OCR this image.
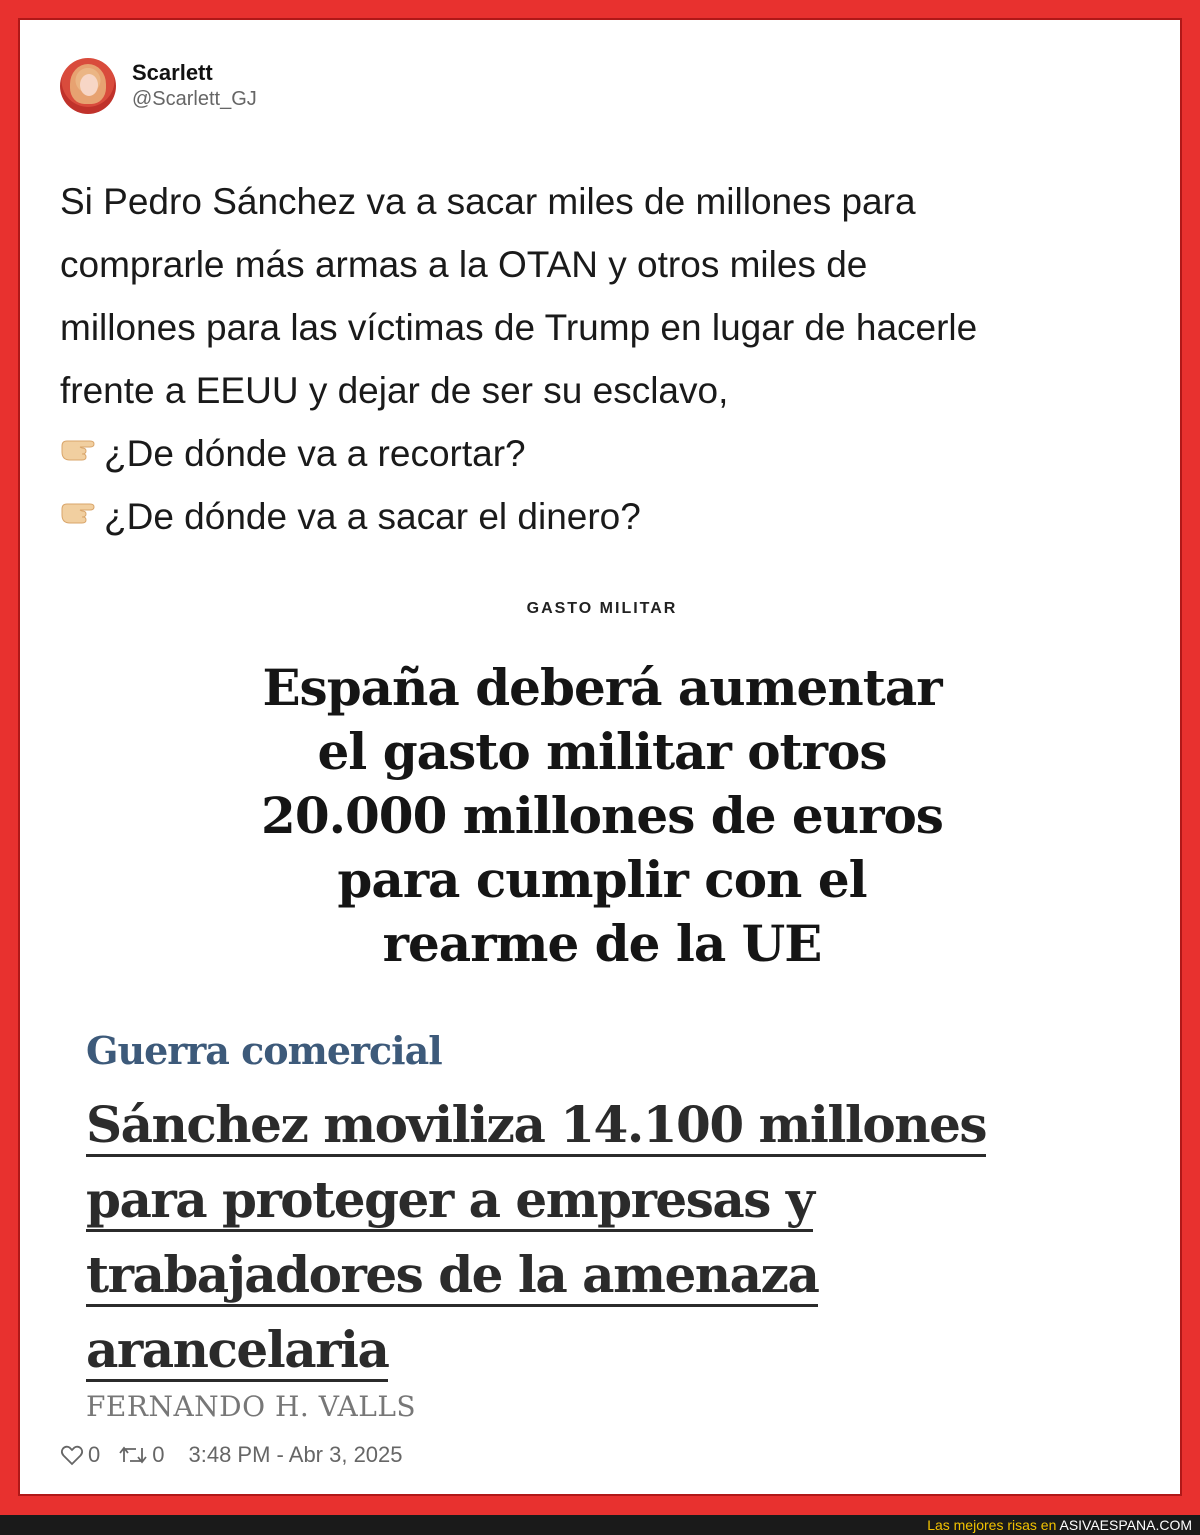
Scarlett
@Scarlett_GJ
Si Pedro Sánchez va a sacar miles de millones para
comprarle más armas a la OTAN y otros miles de
millones para las víctimas de Trump en lugar de hacerle
frente a EEUU y dejar de ser su esclavo,
¿De dónde va a recortar?
¿De dónde va a sacar el dinero?
GASTO MILITAR
España deberá aumentar
el gasto militar otros
20.000 millones de euros
para cumplir con el
rearme de la UE
Guerra comercial
Sánchez moviliza 14.100 millones
para proteger a empresas y
trabajadores de la amenaza
arancelaria
FERNANDO H. VALLS
0 0 3:48 PM - Abr 3, 2025
Las mejores risas en ASIVAESPANA.COM
